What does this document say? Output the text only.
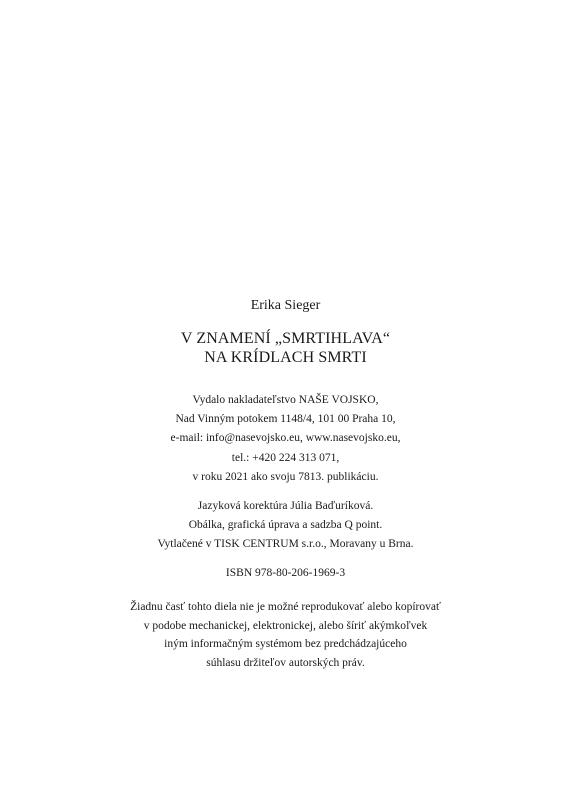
Erika Sieger
V ZNAMENÍ „SMRTIHLAVA“
NA KRÍDLACH SMRTI
Vydalo nakladateľstvo NAŠE VOJSKO,
Nad Vinným potokem 1148/4, 101 00 Praha 10,
e-mail: info@nasevojsko.eu, www.nasevojsko.eu,
tel.: +420 224 313 071,
v roku 2021 ako svoju 7813. publikáciu.
Jazyková korektúra Júlia Baďuríková.
Obálka, grafická úprava a sadzba Q point.
Vytlačené v TISK CENTRUM s.r.o., Moravany u Brna.
ISBN 978-80-206-1969-3
Žiadnu časť tohto diela nie je možné reprodukovať alebo kopírovať
v podobe mechanickej, elektronickej, alebo šíriť akýmkoľvek
iným informačným systémom bez predchádzajúceho
súhlasu držiteľov autorských práv.
